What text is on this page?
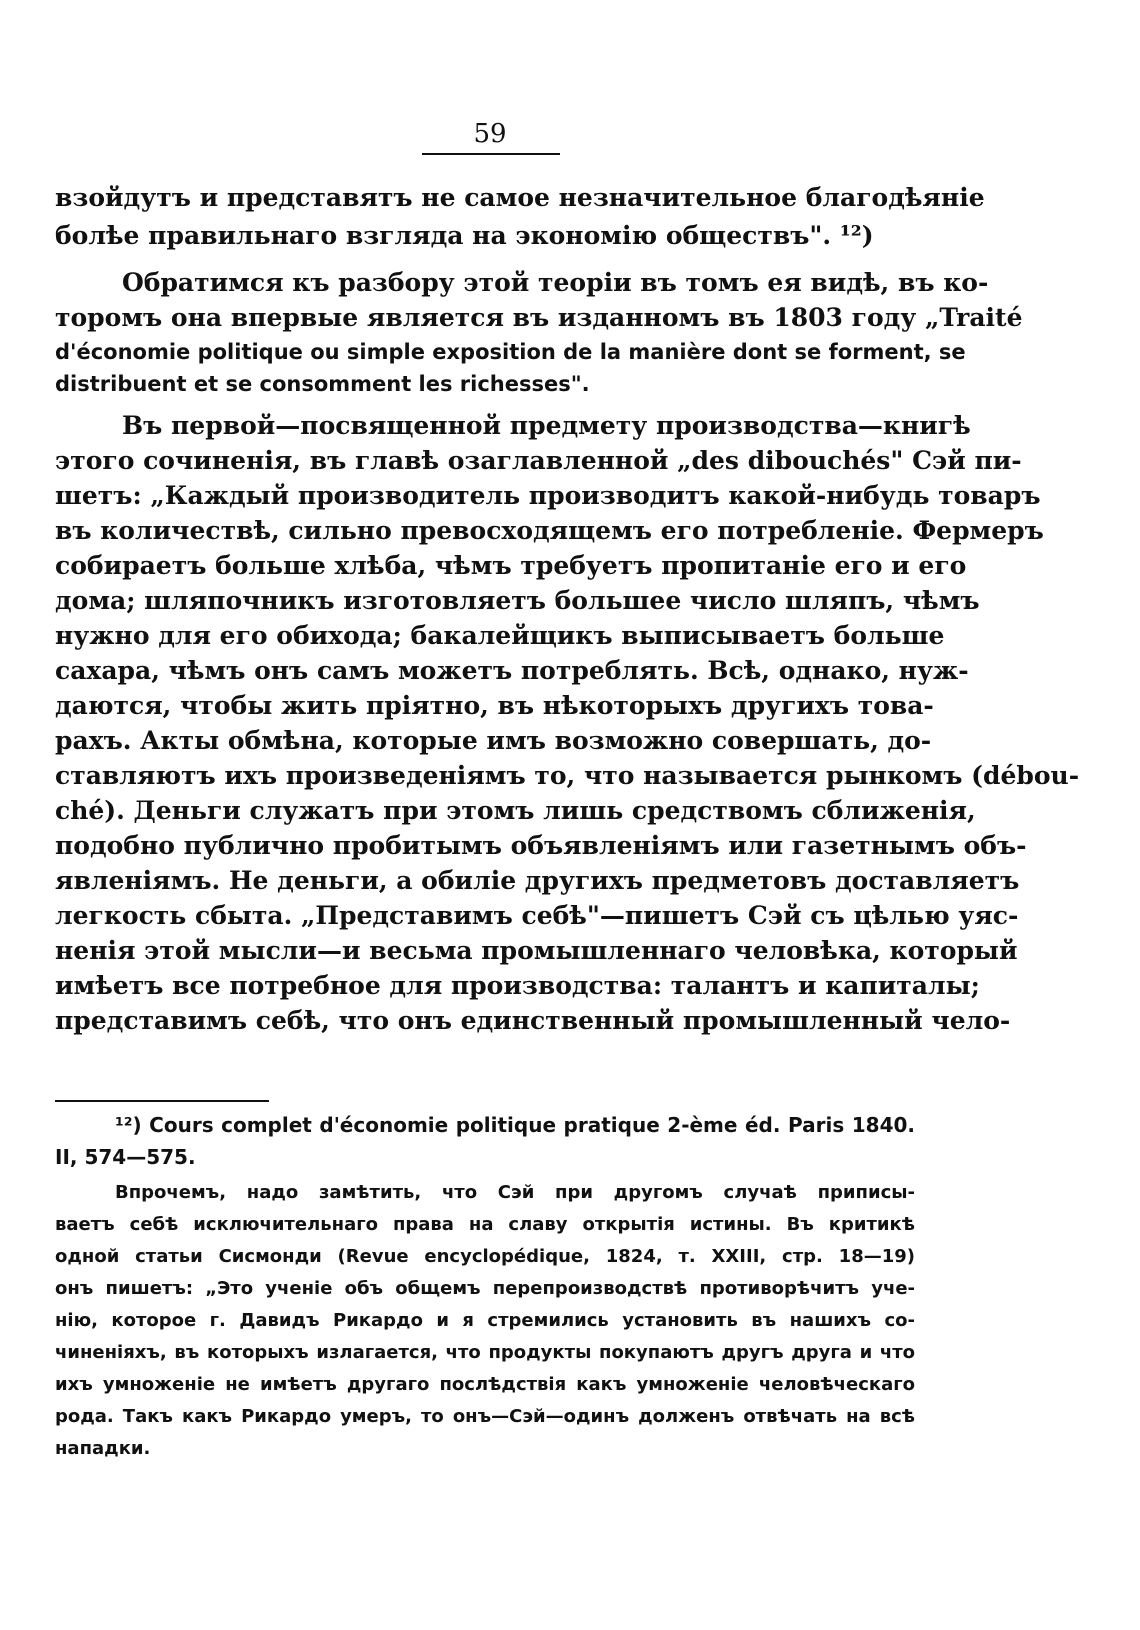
59
взойдутъ и представятъ не самое незначительное благодѣяніе
болѣе правильнаго взгляда на экономію обществъ". ¹²)
Обратимся къ разбору этой теоріи въ томъ ея видѣ, въ ко-
торомъ она впервые является въ изданномъ въ 1803 году „Traité
d'économie politique ou simple exposition de la manière dont se forment, se
distribuent et se consomment les richesses".
Въ первой—посвященной предмету производства—книгѣ
этого сочиненія, въ главѣ озаглавленной „des dibouchés" Сэй пи-
шетъ: „Каждый производитель производитъ какой-нибудь товаръ
въ количествѣ, сильно превосходящемъ его потребленіе. Фермеръ
собираетъ больше хлѣба, чѣмъ требуетъ пропитаніе его и его
дома; шляпочникъ изготовляетъ большее число шляпъ, чѣмъ
нужно для его обихода; бакалейщикъ выписываетъ больше
сахара, чѣмъ онъ самъ можетъ потреблять. Всѣ, однако, нуж-
даются, чтобы жить пріятно, въ нѣкоторыхъ другихъ това-
рахъ. Акты обмѣна, которые имъ возможно совершать, до-
ставляютъ ихъ произведеніямъ то, что называется рынкомъ (débou-
ché). Деньги служатъ при этомъ лишь средствомъ сближенія,
подобно публично пробитымъ объявленіямъ или газетнымъ объ-
явленіямъ. Не деньги, а обиліе другихъ предметовъ доставляетъ
легкость сбыта. „Представимъ себѣ"—пишетъ Сэй съ цѣлью уяс-
ненія этой мысли—и весьма промышленнаго человѣка, который
имѣетъ все потребное для производства: талантъ и капиталы;
представимъ себѣ, что онъ единственный промышленный чело-
¹²) Cours complet d'économie politique pratique 2-ème éd. Paris 1840.
II, 574—575.
Впрочемъ, надо замѣтить, что Сэй при другомъ случаѣ приписы-
ваетъ себѣ исключительнаго права на славу открытія истины. Въ критикѣ
одной статьи Сисмонди (Revue encyclopédique, 1824, т. XXIII, стр. 18—19)
онъ пишетъ: „Это ученіе объ общемъ перепроизводствѣ противорѣчитъ уче-
нію, которое г. Давидъ Рикардо и я стремились установить въ нашихъ со-
чиненіяхъ, въ которыхъ излагается, что продукты покупаютъ другъ друга и что
ихъ умноженіе не имѣетъ другаго послѣдствія какъ умноженіе человѣческаго
рода. Такъ какъ Рикардо умеръ, то онъ—Сэй—одинъ долженъ отвѣчать на всѣ
нападки.
